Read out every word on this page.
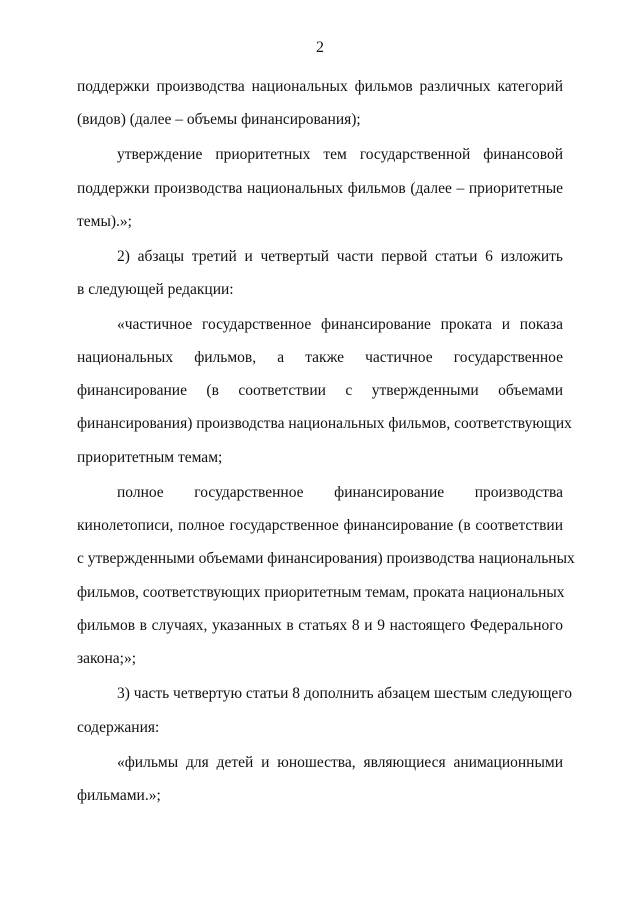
2
поддержки производства национальных фильмов различных категорий
(видов) (далее – объемы финансирования);
утверждение приоритетных тем государственной финансовой
поддержки производства национальных фильмов (далее – приоритетные
темы).»;
2) абзацы третий и четвертый части первой статьи 6 изложить
в следующей редакции:
«частичное государственное финансирование проката и показа
национальных фильмов, а также частичное государственное
финансирование (в соответствии с утвержденными объемами
финансирования) производства национальных фильмов, соответствующих
приоритетным темам;
полное государственное финансирование производства
кинолетописи, полное государственное финансирование (в соответствии
с утвержденными объемами финансирования) производства национальных
фильмов, соответствующих приоритетным темам, проката национальных
фильмов в случаях, указанных в статьях 8 и 9 настоящего Федерального
закона;»;
3) часть четвертую статьи 8 дополнить абзацем шестым следующего
содержания:
«фильмы для детей и юношества, являющиеся анимационными
фильмами.»;
